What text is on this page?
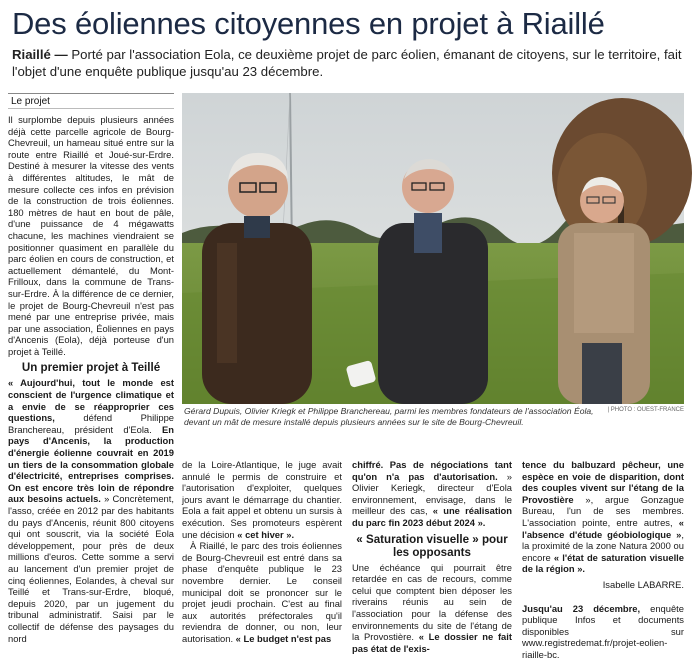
Des éoliennes citoyennes en projet à Riaillé
Riaillé — Porté par l'association Eola, ce deuxième projet de parc éolien, émanant de citoyens, sur le territoire, fait l'objet d'une enquête publique jusqu'au 23 décembre.
Le projet

Il surplombe depuis plusieurs années déjà cette parcelle agricole de Bourg-Chevreuil, un hameau situé entre sur la route entre Riaillé et Joué-sur-Erdre. Destiné à mesurer la vitesse des vents à différentes altitudes, le mât de mesure collecte ces infos en prévision de la construction de trois éoliennes. 180 mètres de haut en bout de pâle, d'une puissance de 4 mégawatts chacune, les machines viendraient se positionner quasiment en parallèle du parc éolien en cours de construction, et actuellement démantelé, du Mont-Frilloux, dans la commune de Trans-sur-Erdre. À la différence de ce dernier, le projet de Bourg-Chevreuil n'est pas mené par une entreprise privée, mais par une association, Éoliennes en pays d'Ancenis (Eola), déjà porteuse d'un projet à Teillé.

Un premier projet à Teillé

« Aujourd'hui, tout le monde est conscient de l'urgence climatique et a envie de se réapproprier ces questions, défend Philippe Branchereau, président d'Eola. En pays d'Ancenis, la production d'énergie éolienne couvrait en 2019 un tiers de la consommation globale d'électricité, entreprises comprises. On est encore très loin de répondre aux besoins actuels. » Concrètement, l'asso, créée en 2012 par des habitants du pays d'Ancenis, réunit 800 citoyens qui ont souscrit, via la société Eola développement, pour près de deux millions d'euros. Cette somme a servi au lancement d'un premier projet de cinq éoliennes, Eolandes, à cheval sur Teillé et Trans-sur-Erdre, bloqué, depuis 2020, par un jugement du tribunal administratif. Saisi par le collectif de défense des paysages du nord

Gérard Dupuis, Olivier Kriegk et Philippe Branchereau, parmi les membres fondateurs de l'association Éola, devant un mât de mesure installé depuis plusieurs années sur le site de Bourg-Chevreuil.
| PHOTO : OUEST-FRANCE

de la Loire-Atlantique, le juge avait annulé le permis de construire et l'autorisation d'exploiter, quelques jours avant le démarrage du chantier. Eola a fait appel et obtenu un sursis à exécution. Ses promoteurs espèrent une décision « cet hiver ».

À Riaillé, le parc des trois éoliennes de Bourg-Chevreuil est entré dans sa phase d'enquête publique le 23 novembre dernier. Le conseil municipal doit se prononcer sur le projet jeudi prochain. C'est au final aux autorités préfectorales qu'il reviendra de donner, ou non, leur autorisation. « Le budget n'est pas

chiffré. Pas de négociations tant qu'on n'a pas d'autorisation. » Olivier Keriegk, directeur d'Eola environnement, envisage, dans le meilleur des cas, « une réalisation du parc fin 2023 début 2024 ».

« Saturation visuelle » pour les opposants

Une échéance qui pourrait être retardée en cas de recours, comme celui que comptent bien déposer les riverains réunis au sein de l'association pour la défense des environnements du site de l'étang de la Provostière. « Le dossier ne fait pas état de l'exis-

tence du balbuzard pêcheur, une espèce en voie de disparition, dont des couples vivent sur l'étang de la Provostière », argue Gonzague Bureau, l'un de ses membres. L'association pointe, entre autres, « l'absence d'étude géobiologique », la proximité de la zone Natura 2000 ou encore « l'état de saturation visuelle de la région ».

Isabelle LABARRE.

Jusqu'au 23 décembre, enquête publique Infos et documents disponibles sur www.registredemat.fr/projet-eolien-riaille-bc.
